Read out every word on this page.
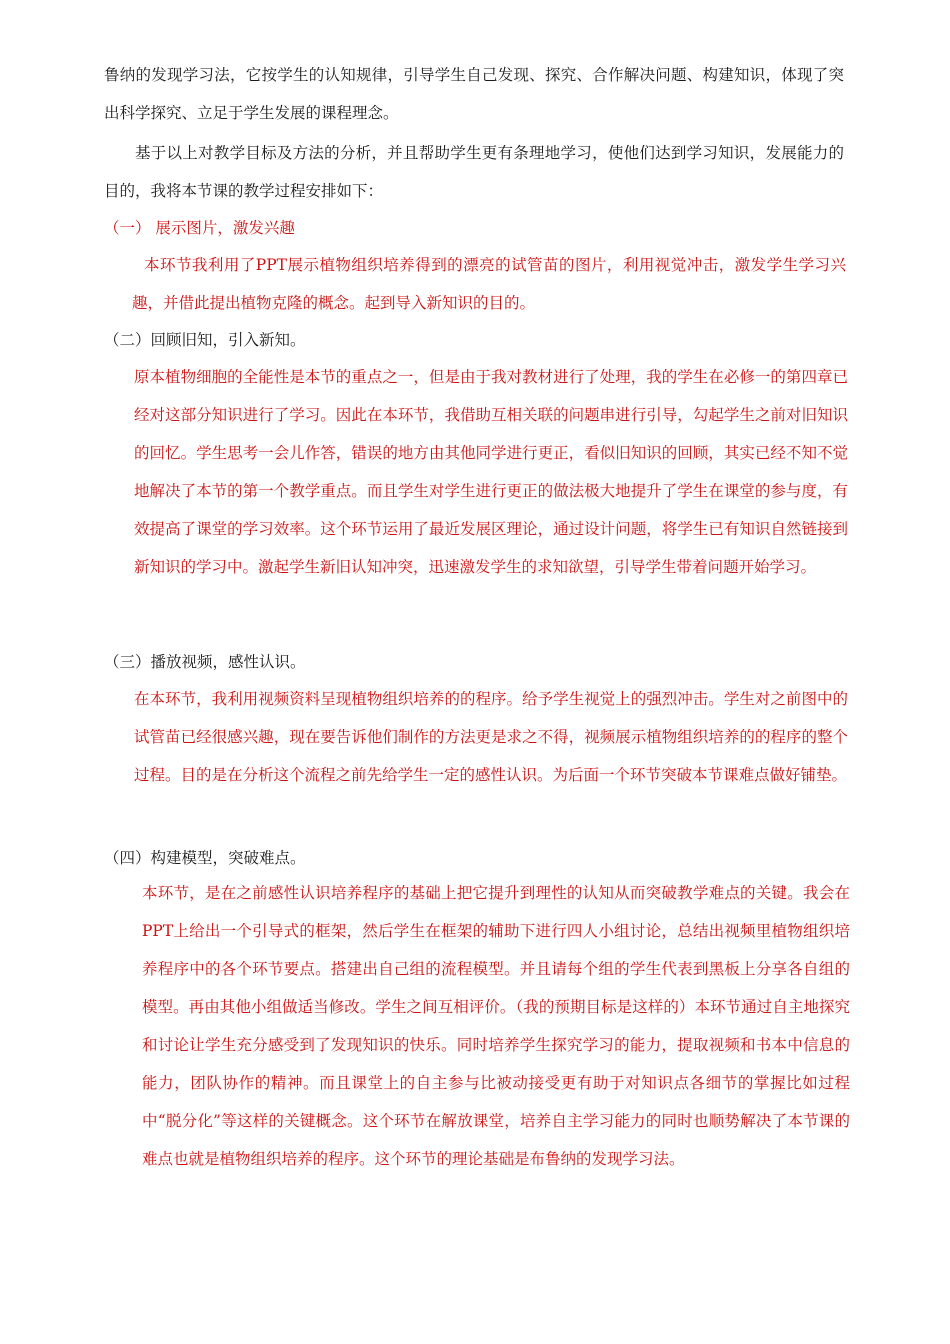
鲁纳的发现学习法，它按学生的认知规律，引导学生自己发现、探究、合作解决问题、构建知识，体现了突出科学探究、立足于学生发展的课程理念。

基于以上对教学目标及方法的分析，并且帮助学生更有条理地学习，使他们达到学习知识，发展能力的目的，我将本节课的教学过程安排如下：

（一） 展示图片，激发兴趣

本环节我利用了PPT展示植物组织培养得到的漂亮的试管苗的图片，利用视觉冲击，激发学生学习兴趣，并借此提出植物克隆的概念。起到导入新知识的目的。

（二）回顾旧知，引入新知。

原本植物细胞的全能性是本节的重点之一，但是由于我对教材进行了处理，我的学生在必修一的第四章已经对这部分知识进行了学习。因此在本环节，我借助互相关联的问题串进行引导，勾起学生之前对旧知识的回忆。学生思考一会儿作答，错误的地方由其他同学进行更正，看似旧知识的回顾，其实已经不知不觉地解决了本节的第一个教学重点。而且学生对学生进行更正的做法极大地提升了学生在课堂的参与度，有效提高了课堂的学习效率。这个环节运用了最近发展区理论，通过设计问题，将学生已有知识自然链接到新知识的学习中。激起学生新旧认知冲突，迅速激发学生的求知欲望，引导学生带着问题开始学习。

（三）播放视频，感性认识。

在本环节，我利用视频资料呈现植物组织培养的的程序。给予学生视觉上的强烈冲击。学生对之前图中的试管苗已经很感兴趣，现在要告诉他们制作的方法更是求之不得，视频展示植物组织培养的的程序的整个过程。目的是在分析这个流程之前先给学生一定的感性认识。为后面一个环节突破本节课难点做好铺垫。

（四）构建模型，突破难点。

本环节，是在之前感性认识培养程序的基础上把它提升到理性的认知从而突破教学难点的关键。我会在PPT上给出一个引导式的框架，然后学生在框架的辅助下进行四人小组讨论，总结出视频里植物组织培养程序中的各个环节要点。搭建出自己组的流程模型。并且请每个组的学生代表到黑板上分享各自组的模型。再由其他小组做适当修改。学生之间互相评价。（我的预期目标是这样的）本环节通过自主地探究和讨论让学生充分感受到了发现知识的快乐。同时培养学生探究学习的能力，提取视频和书本中信息的能力，团队协作的精神。而且课堂上的自主参与比被动接受更有助于对知识点各细节的掌握比如过程中“脱分化”等这样的关键概念。这个环节在解放课堂，培养自主学习能力的同时也顺势解决了本节课的难点也就是植物组织培养的程序。这个环节的理论基础是布鲁纳的发现学习法。
